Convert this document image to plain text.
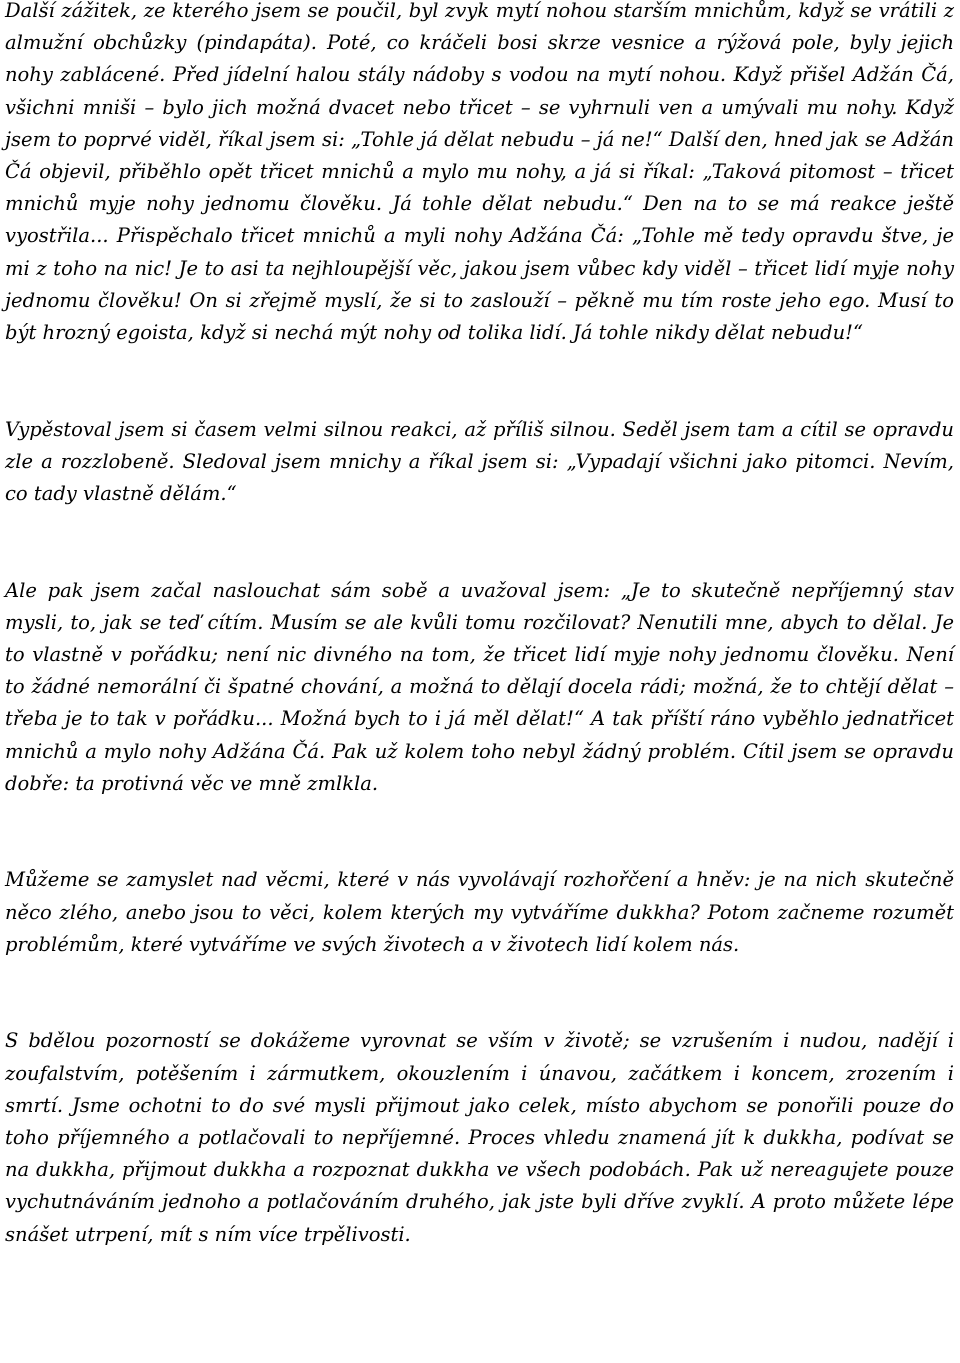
Další zážitek, ze kterého jsem se poučil, byl zvyk mytí nohou starším mnichům, když se vrátili z almužní obchůzky (pindapáta). Poté, co kráčeli bosi skrze vesnice a rýžová pole, byly jejich nohy zablácené. Před jídelní halou stály nádoby s vodou na mytí nohou. Když přišel Adžán Čá, všichni mniši – bylo jich možná dvacet nebo třicet – se vyhrnuli ven a umývali mu nohy. Když jsem to poprvé viděl, říkal jsem si: „Tohle já dělat nebudu – já ne!“ Další den, hned jak se Adžán Čá objevil, přiběhlo opět třicet mnichů a mylo mu nohy, a já si říkal: „Taková pitomost – třicet mnichů myje nohy jednomu člověku. Já tohle dělat nebudu.“ Den na to se má reakce ještě vyostřila... Přispěchalo třicet mnichů a myli nohy Adžána Čá: „Tohle mě tedy opravdu štve, je mi z toho na nic! Je to asi ta nejhloupější věc, jakou jsem vůbec kdy viděl – třicet lidí myje nohy jednomu člověku! On si zřejmě myslí, že si to zaslouží – pěkně mu tím roste jeho ego. Musí to být hrozný egoista, když si nechá mýt nohy od tolika lidí. Já tohle nikdy dělat nebudu!“

Vypěstoval jsem si časem velmi silnou reakci, až příliš silnou. Seděl jsem tam a cítil se opravdu zle a rozzlobeně. Sledoval jsem mnichy a říkal jsem si: „Vypadají všichni jako pitomci. Nevím, co tady vlastně dělám.“

Ale pak jsem začal naslouchat sám sobě a uvažoval jsem: „Je to skutečně nepříjemný stav mysli, to, jak se teď cítím. Musím se ale kvůli tomu rozčilovat? Nenutili mne, abych to dělal. Je to vlastně v pořádku; není nic divného na tom, že třicet lidí myje nohy jednomu člověku. Není to žádné nemorální či špatné chování, a možná to dělají docela rádi; možná, že to chtějí dělat – třeba je to tak v pořádku... Možná bych to i já měl dělat!“ A tak příští ráno vyběhlo jednatřicet mnichů a mylo nohy Adžána Čá. Pak už kolem toho nebyl žádný problém. Cítil jsem se opravdu dobře: ta protivná věc ve mně zmlkla.

Můžeme se zamyslet nad věcmi, které v nás vyvolávají rozhořčení a hněv: je na nich skutečně něco zlého, anebo jsou to věci, kolem kterých my vytváříme dukkha? Potom začneme rozumět problémům, které vytváříme ve svých životech a v životech lidí kolem nás.

S bdělou pozorností se dokážeme vyrovnat se vším v životě; se vzrušením i nudou, nadějí i zoufalstvím, potěšením i zármutkem, okouzlením i únavou, začátkem i koncem, zrozením i smrtí. Jsme ochotni to do své mysli přijmout jako celek, místo abychom se ponořili pouze do toho příjemného a potlačovali to nepříjemné. Proces vhledu znamená jít k dukkha, podívat se na dukkha, přijmout dukkha a rozpoznat dukkha ve všech podobách. Pak už nereagujete pouze vychutnáváním jednoho a potlačováním druhého, jak jste byli dříve zvyklí. A proto můžete lépe snášet utrpení, mít s ním více trpělivosti.
